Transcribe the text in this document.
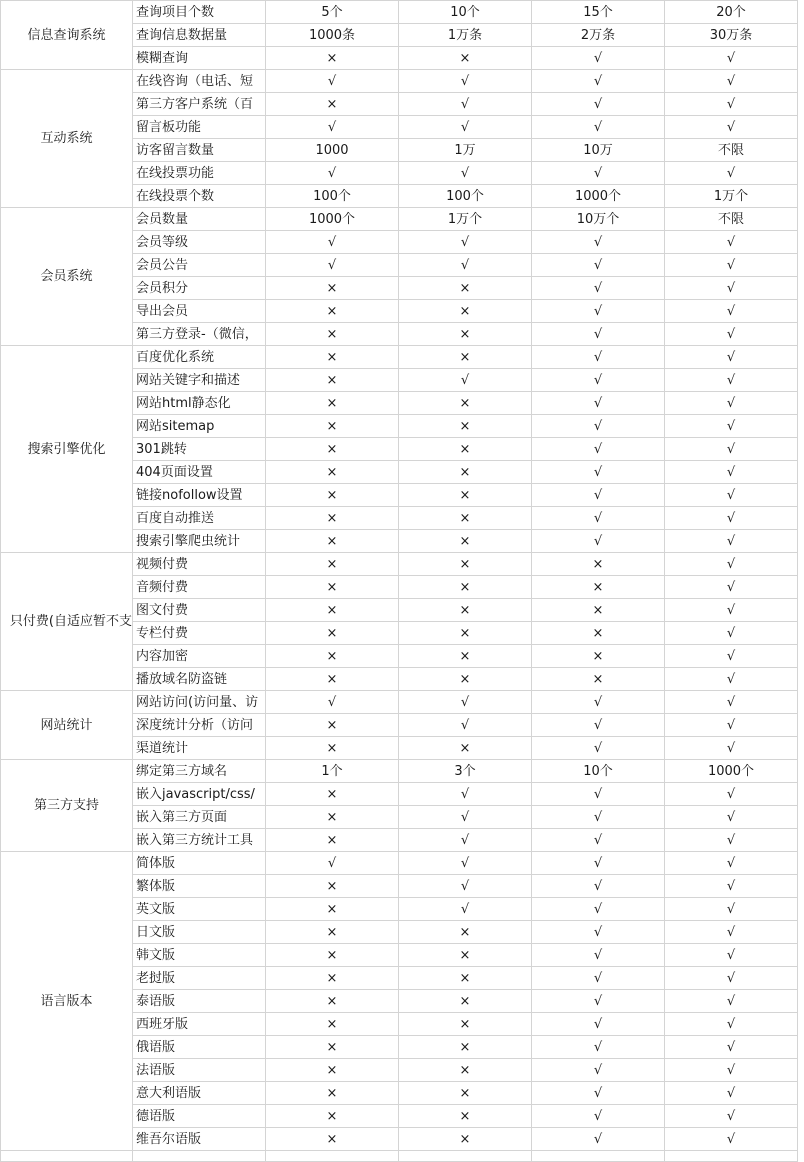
信息查询系统	查询项目个数	5个	10个	15个	20个
	查询信息数据量	1000条	1万条	2万条	30万条
	模糊查询	×	×	√	√
互动系统	在线咨询（电话、短	√	√	√	√
	第三方客户系统（百	×	√	√	√
	留言板功能	√	√	√	√
	访客留言数量	1000	1万	10万	不限
	在线投票功能	√	√	√	√
	在线投票个数	100个	100个	1000个	1万个
会员系统	会员数量	1000个	1万个	10万个	不限
	会员等级	√	√	√	√
	会员公告	√	√	√	√
	会员积分	×	×	√	√
	导出会员	×	×	√	√
	第三方登录-（微信，	×	×	√	√
搜索引擎优化	百度优化系统	×	×	√	√
	网站关键字和描述	×	√	√	√
	网站html静态化	×	×	√	√
	网站sitemap	×	×	√	√
	301跳转	×	×	√	√
	404页面设置	×	×	√	√
	链接nofollow设置	×	×	√	√
	百度自动推送	×	×	√	√
	搜索引擎爬虫统计	×	×	√	√
只付费(自适应暂不支	视频付费	×	×	×	√
	音频付费	×	×	×	√
	图文付费	×	×	×	√
	专栏付费	×	×	×	√
	内容加密	×	×	×	√
	播放域名防盗链	×	×	×	√
网站统计	网站访问(访问量、访	√	√	√	√
	深度统计分析（访问	×	√	√	√
	渠道统计	×	×	√	√
第三方支持	绑定第三方域名	1个	3个	10个	1000个
	嵌入javascript/css/	×	√	√	√
	嵌入第三方页面	×	√	√	√
	嵌入第三方统计工具	×	√	√	√
语言版本	简体版	√	√	√	√
	繁体版	×	√	√	√
	英文版	×	√	√	√
	日文版	×	×	√	√
	韩文版	×	×	√	√
	老挝版	×	×	√	√
	泰语版	×	×	√	√
	西班牙版	×	×	√	√
	俄语版	×	×	√	√
	法语版	×	×	√	√
	意大利语版	×	×	√	√
	德语版	×	×	√	√
	维吾尔语版	×	×	√	√
